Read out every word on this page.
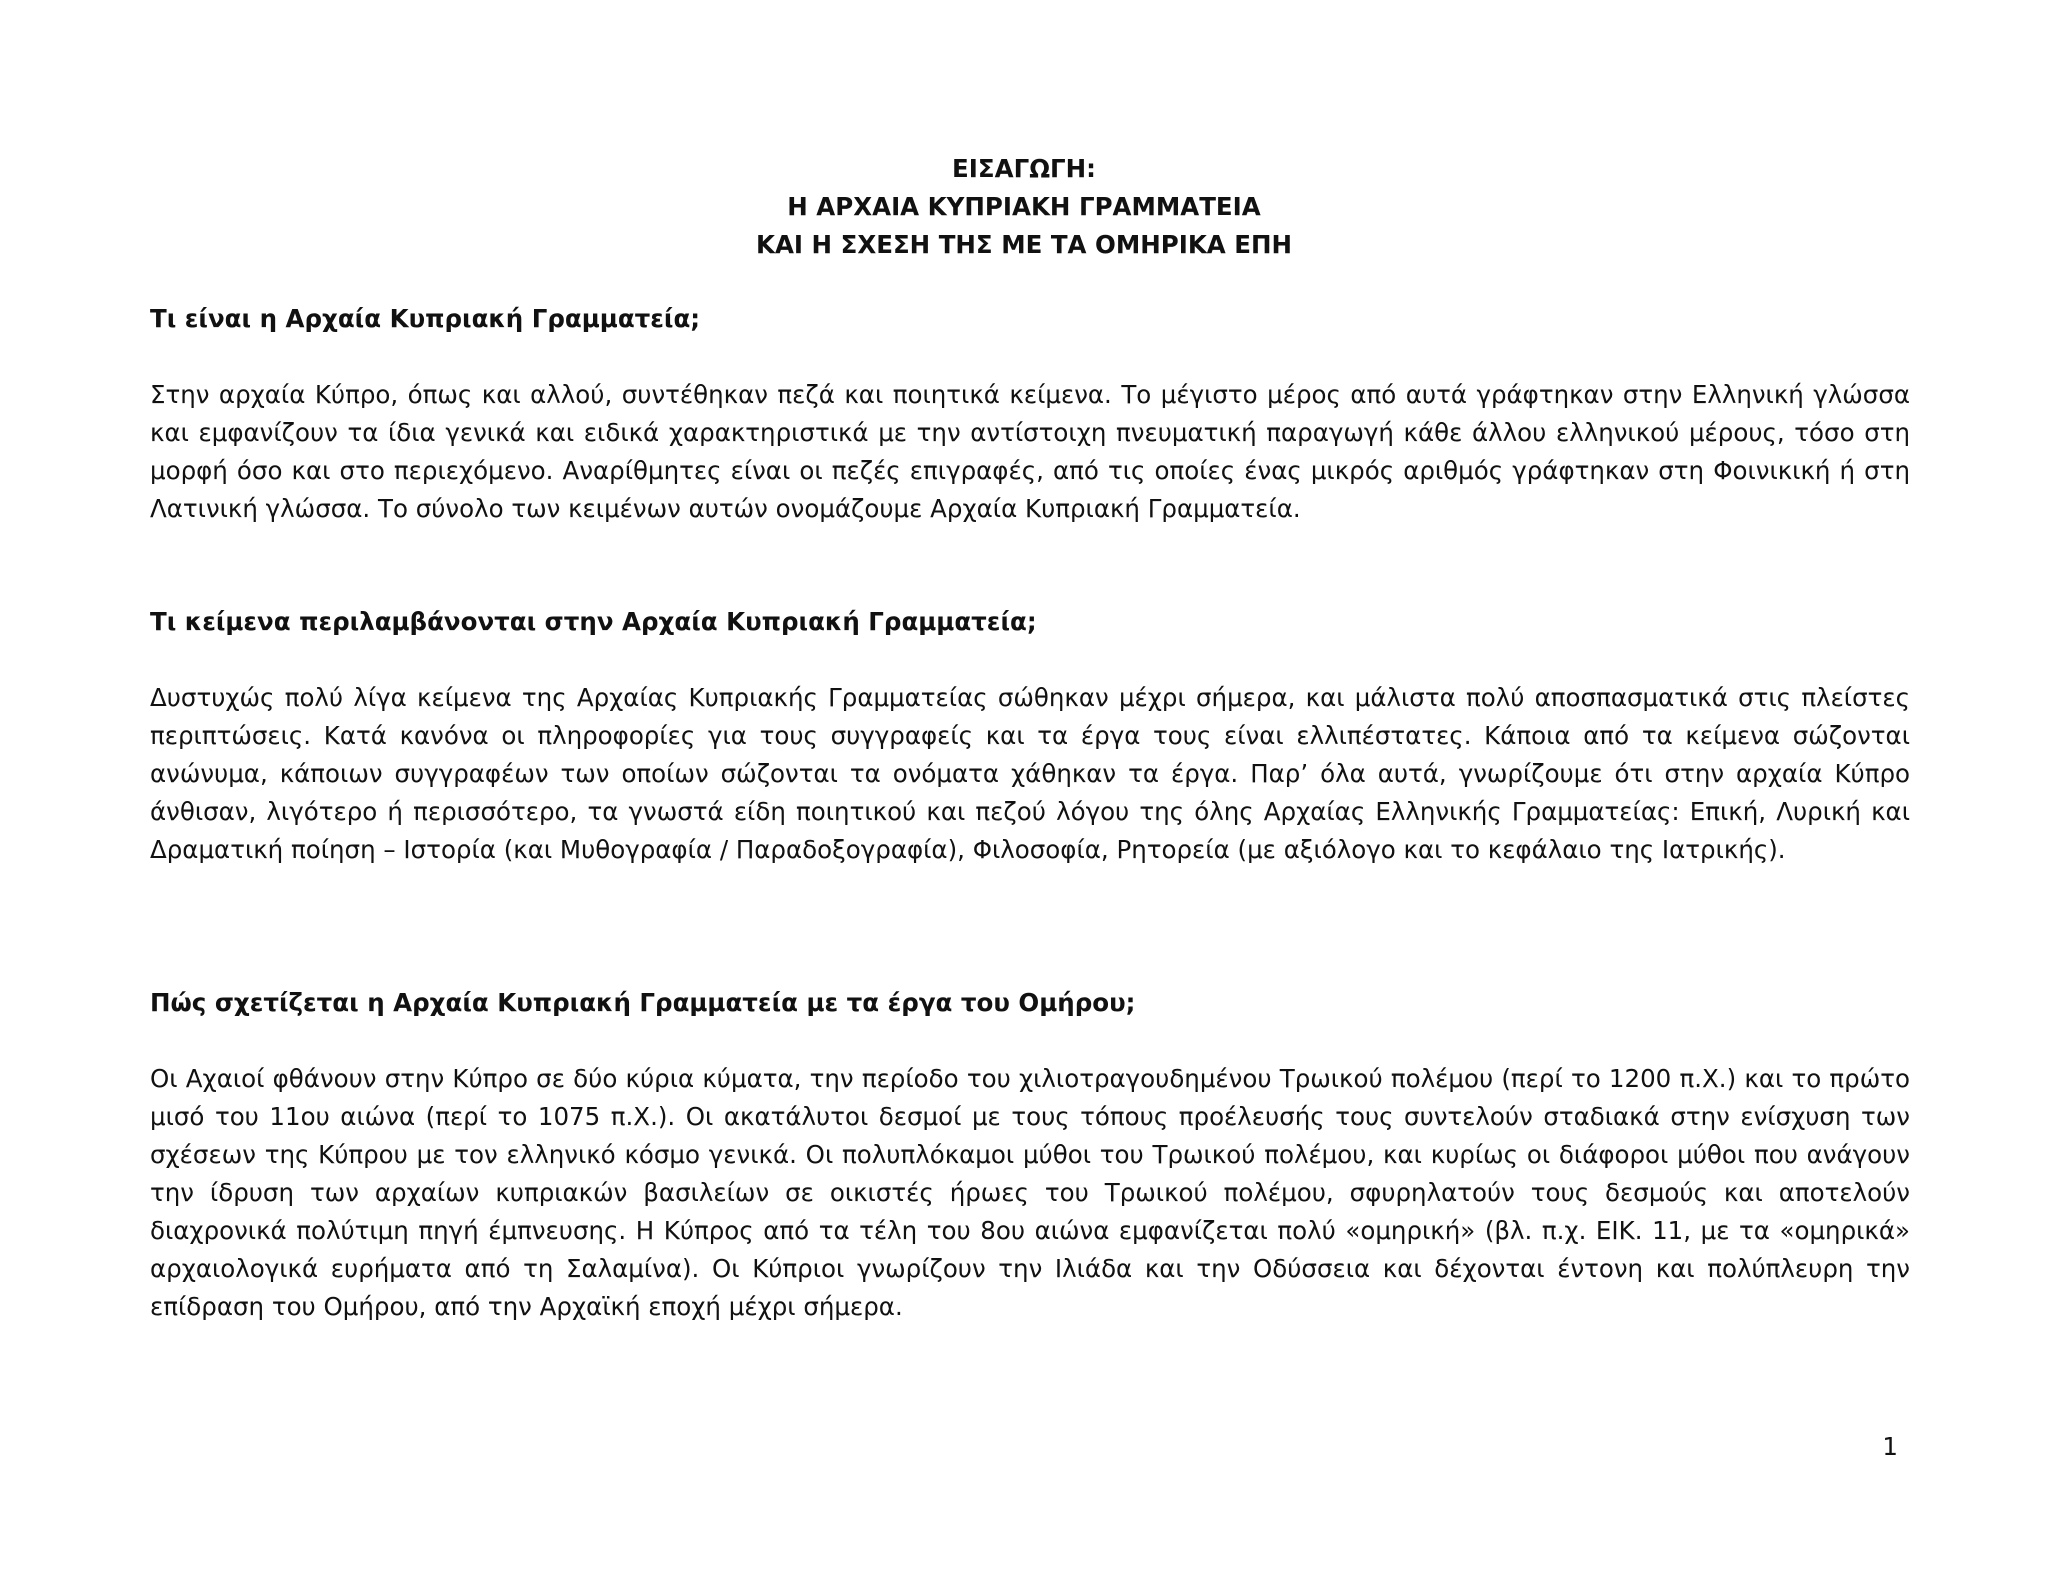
ΕΙΣΑΓΩΓΗ:
Η ΑΡΧΑΙΑ ΚΥΠΡΙΑΚΗ ΓΡΑΜΜΑΤΕΙΑ
ΚΑΙ Η ΣΧΕΣΗ ΤΗΣ ΜΕ ΤΑ ΟΜΗΡΙΚΑ ΕΠΗ
Τι είναι η Αρχαία Κυπριακή Γραμματεία;
Στην αρχαία Κύπρο, όπως και αλλού, συντέθηκαν πεζά και ποιητικά κείμενα. Το μέγιστο μέρος από αυτά γράφτηκαν στην Ελληνική γλώσσα και εμφανίζουν τα ίδια γενικά και ειδικά χαρακτηριστικά με την αντίστοιχη πνευματική παραγωγή κάθε άλλου ελληνικού μέρους, τόσο στη μορφή όσο και στο περιεχόμενο. Αναρίθμητες είναι οι πεζές επιγραφές, από τις οποίες ένας μικρός αριθμός γράφτηκαν στη Φοινικική ή στη Λατινική γλώσσα. Το σύνολο των κειμένων αυτών ονομάζουμε Αρχαία Κυπριακή Γραμματεία.
Τι κείμενα περιλαμβάνονται στην Αρχαία Κυπριακή Γραμματεία;
Δυστυχώς πολύ λίγα κείμενα της Αρχαίας Κυπριακής Γραμματείας σώθηκαν μέχρι σήμερα, και μάλιστα πολύ αποσπασματικά στις πλείστες περιπτώσεις. Κατά κανόνα οι πληροφορίες για τους συγγραφείς και τα έργα τους είναι ελλιπέστατες. Κάποια από τα κείμενα σώζονται ανώνυμα, κάποιων συγγραφέων των οποίων σώζονται τα ονόματα χάθηκαν τα έργα. Παρ’ όλα αυτά, γνωρίζουμε ότι στην αρχαία Κύπρο άνθισαν, λιγότερο ή περισσότερο, τα γνωστά είδη ποιητικού και πεζού λόγου της όλης Αρχαίας Ελληνικής Γραμματείας: Επική, Λυρική και Δραματική ποίηση – Ιστορία (και Μυθογραφία / Παραδοξογραφία), Φιλοσοφία, Ρητορεία (με αξιόλογο και το κεφάλαιο της Ιατρικής).
Πώς σχετίζεται η Αρχαία Κυπριακή Γραμματεία με τα έργα του Ομήρου;
Οι Αχαιοί φθάνουν στην Κύπρο σε δύο κύρια κύματα, την περίοδο του χιλιοτραγουδημένου Τρωικού πολέμου (περί το 1200 π.Χ.) και το πρώτο μισό του 11ου αιώνα (περί το 1075 π.Χ.). Οι ακατάλυτοι δεσμοί με τους τόπους προέλευσής τους συντελούν σταδιακά στην ενίσχυση των σχέσεων της Κύπρου με τον ελληνικό κόσμο γενικά. Οι πολυπλόκαμοι μύθοι του Τρωικού πολέμου, και κυρίως οι διάφοροι μύθοι που ανάγουν την ίδρυση των αρχαίων κυπριακών βασιλείων σε οικιστές ήρωες του Τρωικού πολέμου, σφυρηλατούν τους δεσμούς και αποτελούν διαχρονικά πολύτιμη πηγή έμπνευσης. Η Κύπρος από τα τέλη του 8ου αιώνα εμφανίζεται πολύ «ομηρική» (βλ. π.χ. ΕΙΚ. 11, με τα «ομηρικά» αρχαιολογικά ευρήματα από τη Σαλαμίνα). Οι Κύπριοι γνωρίζουν την Ιλιάδα και την Οδύσσεια και δέχονται έντονη και πολύπλευρη την επίδραση του Ομήρου, από την Αρχαϊκή εποχή μέχρι σήμερα.
1
